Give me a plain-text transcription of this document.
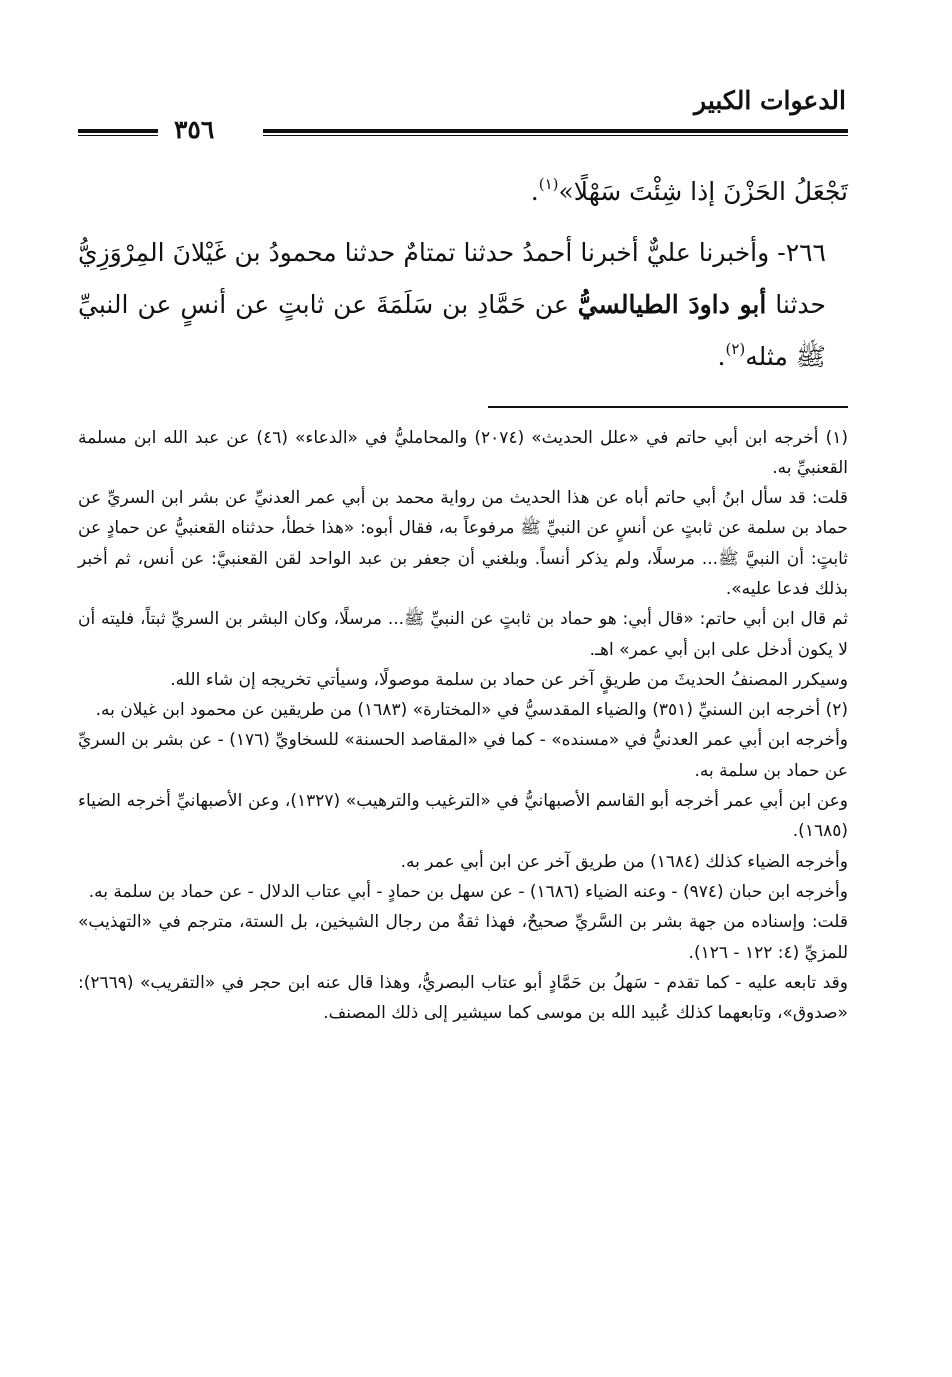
الدعوات الكبير
٣٥٦

تَجْعَلُ الحَزْنَ إذا شِئْتَ سَهْلًا»$^{(١)}$.

٢٦٦- وأخبرنا عليٌّ أخبرنا أحمدُ حدثنا تمتامٌ حدثنا محمودُ بن غَيْلانَ المِرْوَزِيُّ حدثنا أبو داودَ الطيالسيُّ عن حَمَّادِ بن سَلَمَةَ عن ثابتٍ عن أنسٍ عن النبيِّ ﷺ مثله$^{(٢)}$.

(١) أخرجه ابن أبي حاتم في «علل الحديث» (٢٠٧٤) والمحامليُّ في «الدعاء» (٤٦) عن عبد الله ابن مسلمة القعنبيِّ به.

قلت: قد سأل ابنُ أبي حاتم أباه عن هذا الحديث من رواية محمد بن أبي عمر العدنيِّ عن بشر ابن السريِّ عن حماد بن سلمة عن ثابتٍ عن أنسٍ عن النبيِّ ﷺ مرفوعاً به، فقال أبوه: «هذا خطأ، حدثناه القعنبيُّ عن حمادٍ عن ثابتٍ: أن النبيَّ ﷺ... مرسلًا، ولم يذكر أنساً. وبلغني أن جعفر بن عبد الواحد لقن القعنبيَّ: عن أنس، ثم أخبر بذلك فدعا عليه».

ثم قال ابن أبي حاتم: «قال أبي: هو حماد بن ثابتٍ عن النبيِّ ﷺ... مرسلًا، وكان البشر بن السريِّ ثبتاً، فليته أن لا يكون أدخل على ابن أبي عمر» اهـ.

وسيكرر المصنفُ الحديثَ من طريقٍ آخر عن حماد بن سلمة موصولًا، وسيأتي تخريجه إن شاء الله.

(٢) أخرجه ابن السنيِّ (٣٥١) والضياء المقدسيُّ في «المختارة» (١٦٨٣) من طريقين عن محمود ابن غيلان به.

وأخرجه ابن أبي عمر العدنيُّ في «مسنده» - كما في «المقاصد الحسنة» للسخاويِّ (١٧٦) - عن بشر بن السريِّ عن حماد بن سلمة به.

وعن ابن أبي عمر أخرجه أبو القاسم الأصبهانيُّ في «الترغيب والترهيب» (١٣٢٧)، وعن الأصبهانيِّ أخرجه الضياء (١٦٨٥).

وأخرجه الضياء كذلك (١٦٨٤) من طريق آخر عن ابن أبي عمر به.

وأخرجه ابن حبان (٩٧٤) - وعنه الضياء (١٦٨٦) - عن سهل بن حمادٍ - أبي عتاب الدلال - عن حماد بن سلمة به.

قلت: وإسناده من جهة بشر بن السَّريِّ صحيحٌ، فهذا ثقةٌ من رجال الشيخين، بل الستة، مترجم في «التهذيب» للمزيِّ (٤: ١٢٢ - ١٢٦).

وقد تابعه عليه - كما تقدم - سَهلُ بن حَمَّادٍ أبو عتاب البصريُّ، وهذا قال عنه ابن حجر في «التقريب» (٢٦٦٩): «صدوق»، وتابعهما كذلك عُبيد الله بن موسى كما سيشير إلى ذلك المصنف.
